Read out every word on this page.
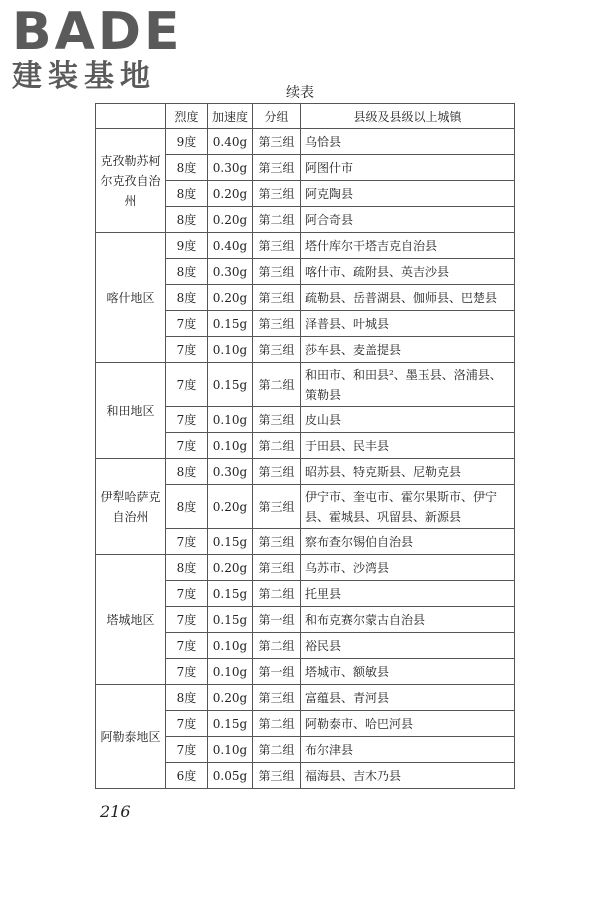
BADE
建装基地	续表
	烈度	加速度	分组	县级及县级以上城镇
克孜勒苏柯尔克孜自治州	9度	0.40g	第三组	乌恰县
	8度	0.30g	第三组	阿图什市
	8度	0.20g	第三组	阿克陶县
	8度	0.20g	第二组	阿合奇县
喀什地区	9度	0.40g	第三组	塔什库尔干塔吉克自治县
	8度	0.30g	第三组	喀什市、疏附县、英吉沙县
	8度	0.20g	第三组	疏勒县、岳普湖县、伽师县、巴楚县
	7度	0.15g	第三组	泽普县、叶城县
	7度	0.10g	第三组	莎车县、麦盖提县
和田地区	7度	0.15g	第二组	和田市、和田县²、墨玉县、洛浦县、策勒县
	7度	0.10g	第三组	皮山县
	7度	0.10g	第二组	于田县、民丰县
伊犁哈萨克自治州	8度	0.30g	第三组	昭苏县、特克斯县、尼勒克县
	8度	0.20g	第三组	伊宁市、奎屯市、霍尔果斯市、伊宁县、霍城县、巩留县、新源县
	7度	0.15g	第三组	察布查尔锡伯自治县
塔城地区	8度	0.20g	第三组	乌苏市、沙湾县
	7度	0.15g	第二组	托里县
	7度	0.15g	第一组	和布克赛尔蒙古自治县
	7度	0.10g	第二组	裕民县
	7度	0.10g	第一组	塔城市、额敏县
阿勒泰地区	8度	0.20g	第三组	富蕴县、青河县
	7度	0.15g	第二组	阿勒泰市、哈巴河县
	7度	0.10g	第二组	布尔津县
	6度	0.05g	第三组	福海县、吉木乃县
216
